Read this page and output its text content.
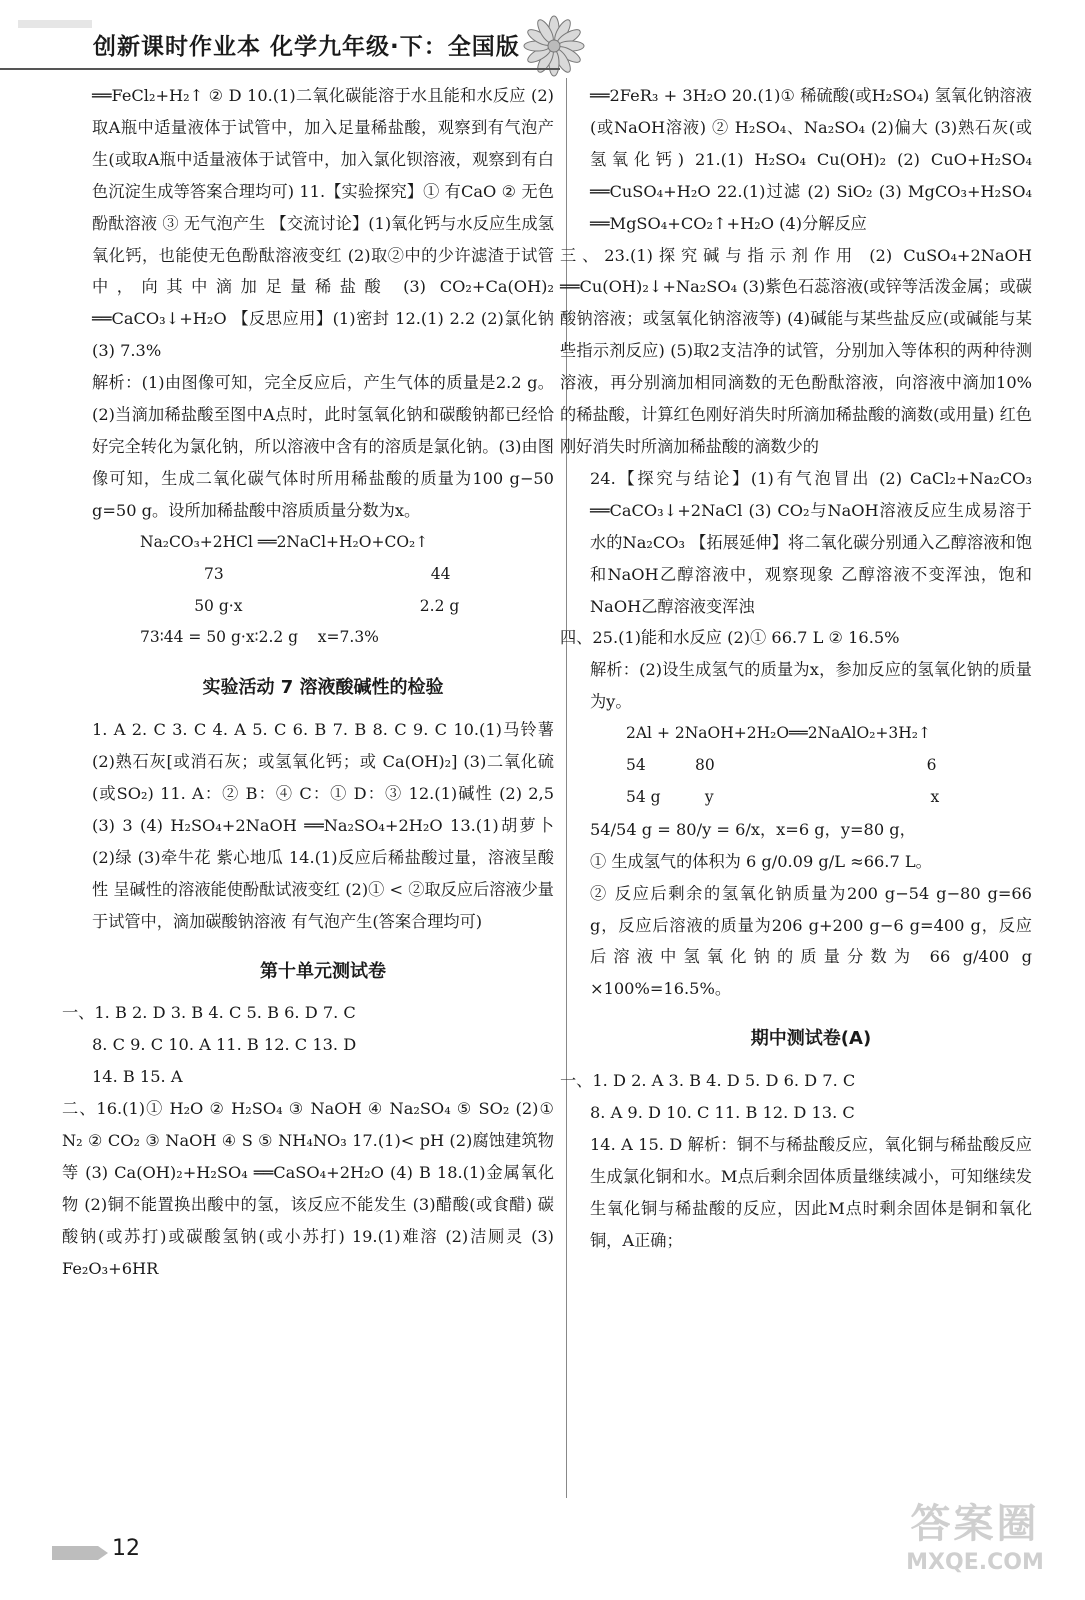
创新课时作业本 化学九年级·下：全国版

══FeCl₂+H₂↑ ② D 10.(1)二氧化碳能溶于水且能和水反应 (2)取A瓶中适量液体于试管中，加入足量稀盐酸，观察到有气泡产生(或取A瓶中适量液体于试管中，加入氯化钡溶液，观察到有白色沉淀生成等答案合理均可) 11.【实验探究】① 有CaO ② 无色酚酞溶液 ③ 无气泡产生 【交流讨论】(1)氧化钙与水反应生成氢氧化钙，也能使无色酚酞溶液变红 (2)取②中的少许滤渣于试管中，向其中滴加足量稀盐酸 (3) CO₂+Ca(OH)₂ ══CaCO₃↓+H₂O 【反思应用】(1)密封 12.(1) 2.2 (2)氯化钠 (3) 7.3%

解析：(1)由图像可知，完全反应后，产生气体的质量是2.2 g。(2)当滴加稀盐酸至图中A点时，此时氢氧化钠和碳酸钠都已经恰好完全转化为氯化钠，所以溶液中含有的溶质是氯化钠。(3)由图像可知，生成二氧化碳气体时所用稀盐酸的质量为100 g−50 g=50 g。设所加稀盐酸中溶质质量分数为x。

Na₂CO₃+2HCl ══2NaCl+H₂O+CO₂↑

73                                          44

50 g·x                                    2.2 g

73∶44 = 50 g·x∶2.2 g    x=7.3%

实验活动 7 溶液酸碱性的检验

1. A 2. C 3. C 4. A 5. C 6. B 7. B 8. C 9. C 10.(1)马铃薯 (2)熟石灰[或消石灰；或氢氧化钙；或 Ca(OH)₂] (3)二氧化硫(或SO₂) 11. A：② B：④ C：① D：③ 12.(1)碱性 (2) 2,5 (3) 3 (4) H₂SO₄+2NaOH ══Na₂SO₄+2H₂O 13.(1)胡萝卜 (2)绿 (3)牵牛花 紫心地瓜 14.(1)反应后稀盐酸过量，溶液呈酸性 呈碱性的溶液能使酚酞试液变红 (2)① < ②取反应后溶液少量于试管中，滴加碳酸钠溶液 有气泡产生(答案合理均可)

第十单元测试卷

一、1. B 2. D 3. B 4. C 5. B 6. D 7. C

8. C 9. C 10. A 11. B 12. C 13. D

14. B 15. A

二、16.(1)① H₂O ② H₂SO₄ ③ NaOH ④ Na₂SO₄ ⑤ SO₂ (2)① N₂ ② CO₂ ③ NaOH ④ S ⑤ NH₄NO₃ 17.(1)< pH (2)腐蚀建筑物等 (3) Ca(OH)₂+H₂SO₄ ══CaSO₄+2H₂O (4) B 18.(1)金属氧化物 (2)铜不能置换出酸中的氢，该反应不能发生 (3)醋酸(或食醋) 碳酸钠(或苏打)或碳酸氢钠(或小苏打) 19.(1)难溶 (2)洁厕灵 (3) Fe₂O₃+6HR

══2FeR₃ + 3H₂O 20.(1)① 稀硫酸(或H₂SO₄) 氢氧化钠溶液(或NaOH溶液) ② H₂SO₄、Na₂SO₄ (2)偏大 (3)熟石灰(或氢氧化钙) 21.(1) H₂SO₄ Cu(OH)₂ (2) CuO+H₂SO₄ ══CuSO₄+H₂O 22.(1)过滤 (2) SiO₂ (3) MgCO₃+H₂SO₄ ══MgSO₄+CO₂↑+H₂O (4)分解反应

三、23.(1)探究碱与指示剂作用 (2) CuSO₄+2NaOH ══Cu(OH)₂↓+Na₂SO₄ (3)紫色石蕊溶液(或锌等活泼金属；或碳酸钠溶液；或氢氧化钠溶液等) (4)碱能与某些盐反应(或碱能与某些指示剂反应) (5)取2支洁净的试管，分别加入等体积的两种待测溶液，再分别滴加相同滴数的无色酚酞溶液，向溶液中滴加10%的稀盐酸，计算红色刚好消失时所滴加稀盐酸的滴数(或用量) 红色刚好消失时所滴加稀盐酸的滴数少的

24.【探究与结论】(1)有气泡冒出 (2) CaCl₂+Na₂CO₃ ══CaCO₃↓+2NaCl (3) CO₂与NaOH溶液反应生成易溶于水的Na₂CO₃ 【拓展延伸】将二氧化碳分别通入乙醇溶液和饱和NaOH乙醇溶液中，观察现象 乙醇溶液不变浑浊，饱和NaOH乙醇溶液变浑浊

四、25.(1)能和水反应 (2)① 66.7 L ② 16.5%

解析：(2)设生成氢气的质量为x，参加反应的氢氧化钠的质量为y。

2Al + 2NaOH+2H₂O══2NaAlO₂+3H₂↑

54          80                                           6

54 g         y                                            x

54/54 g = 80/y = 6/x，x=6 g，y=80 g，

① 生成氢气的体积为 6 g/0.09 g/L ≈66.7 L。

② 反应后剩余的氢氧化钠质量为200 g−54 g−80 g=66 g，反应后溶液的质量为206 g+200 g−6 g=400 g，反应后溶液中氢氧化钠的质量分数为 66 g/400 g ×100%=16.5%。

期中测试卷(A)

一、1. D 2. A 3. B 4. D 5. D 6. D 7. C

8. A 9. D 10. C 11. B 12. D 13. C

14. A 15. D 解析：铜不与稀盐酸反应，氧化铜与稀盐酸反应生成氯化铜和水。M点后剩余固体质量继续减小，可知继续发生氧化铜与稀盐酸的反应，因此M点时剩余固体是铜和氧化铜，A正确；

12
答案圈
MXQE.COM
